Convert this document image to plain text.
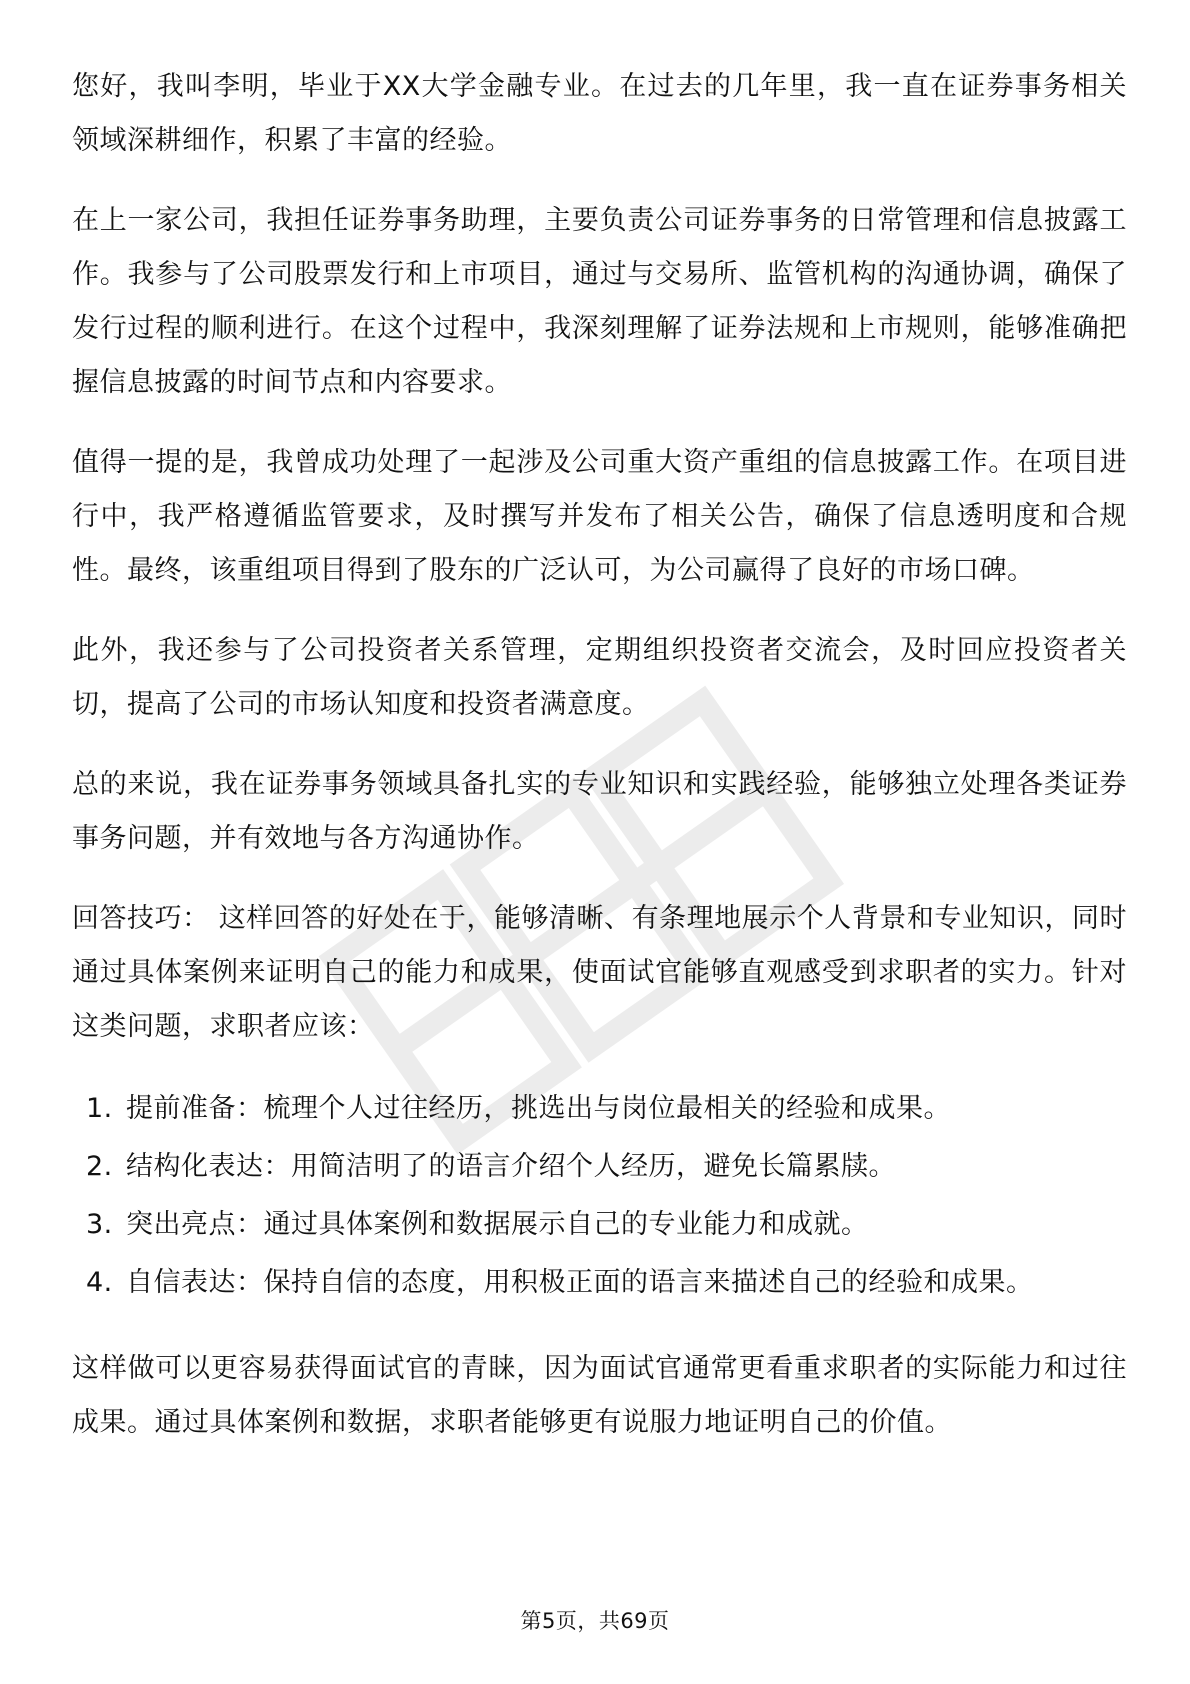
您好，我叫李明，毕业于XX大学金融专业。在过去的几年里，我一直在证券事务相关领域深耕细作，积累了丰富的经验。

在上一家公司，我担任证券事务助理，主要负责公司证券事务的日常管理和信息披露工作。我参与了公司股票发行和上市项目，通过与交易所、监管机构的沟通协调，确保了发行过程的顺利进行。在这个过程中，我深刻理解了证券法规和上市规则，能够准确把握信息披露的时间节点和内容要求。

值得一提的是，我曾成功处理了一起涉及公司重大资产重组的信息披露工作。在项目进行中，我严格遵循监管要求，及时撰写并发布了相关公告，确保了信息透明度和合规性。最终，该重组项目得到了股东的广泛认可，为公司赢得了良好的市场口碑。

此外，我还参与了公司投资者关系管理，定期组织投资者交流会，及时回应投资者关切，提高了公司的市场认知度和投资者满意度。

总的来说，我在证券事务领域具备扎实的专业知识和实践经验，能够独立处理各类证券事务问题，并有效地与各方沟通协作。

回答技巧： 这样回答的好处在于，能够清晰、有条理地展示个人背景和专业知识，同时通过具体案例来证明自己的能力和成果，使面试官能够直观感受到求职者的实力。针对这类问题，求职者应该：

1. 提前准备：梳理个人过往经历，挑选出与岗位最相关的经验和成果。
2. 结构化表达：用简洁明了的语言介绍个人经历，避免长篇累牍。
3. 突出亮点：通过具体案例和数据展示自己的专业能力和成就。
4. 自信表达：保持自信的态度，用积极正面的语言来描述自己的经验和成果。

这样做可以更容易获得面试官的青睐，因为面试官通常更看重求职者的实际能力和过往成果。通过具体案例和数据，求职者能够更有说服力地证明自己的价值。

第5页，共69页
